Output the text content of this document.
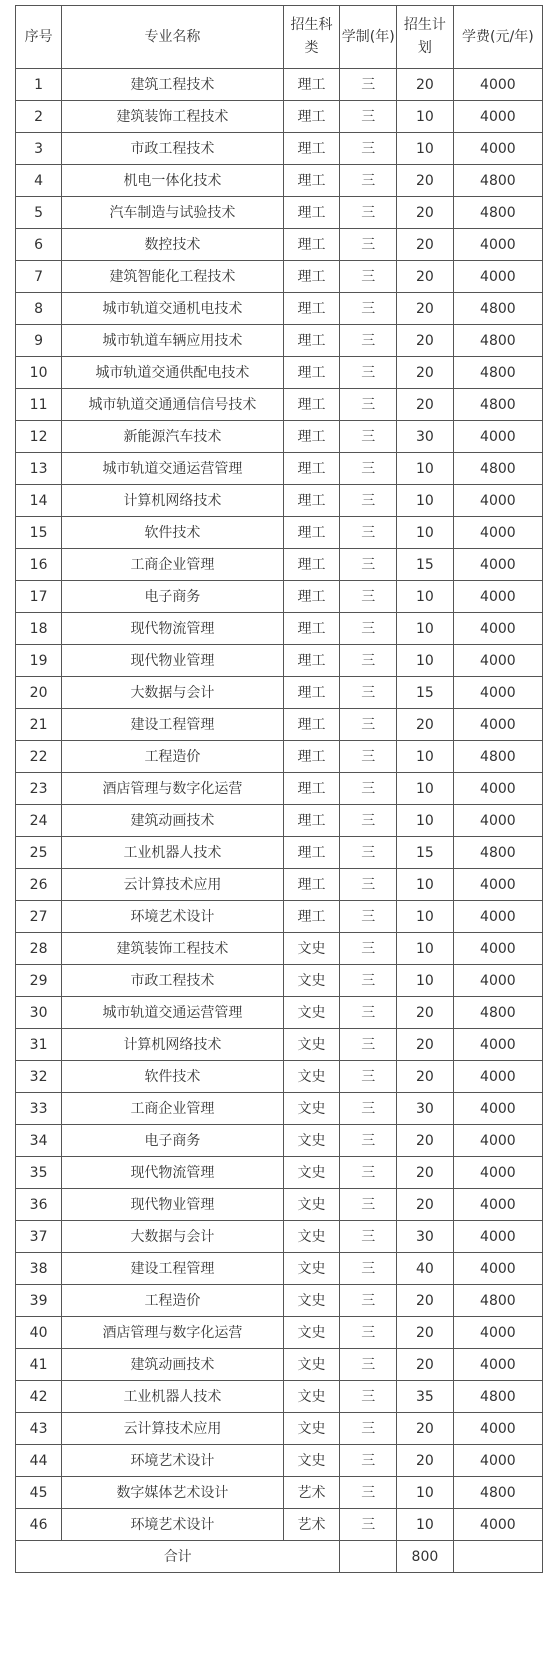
序号	专业名称	招生科类	学制(年)	招生计划	学费(元/年)
1	建筑工程技术	理工	三	20	4000
2	建筑装饰工程技术	理工	三	10	4000
3	市政工程技术	理工	三	10	4000
4	机电一体化技术	理工	三	20	4800
5	汽车制造与试验技术	理工	三	20	4800
6	数控技术	理工	三	20	4000
7	建筑智能化工程技术	理工	三	20	4000
8	城市轨道交通机电技术	理工	三	20	4800
9	城市轨道车辆应用技术	理工	三	20	4800
10	城市轨道交通供配电技术	理工	三	20	4800
11	城市轨道交通通信信号技术	理工	三	20	4800
12	新能源汽车技术	理工	三	30	4000
13	城市轨道交通运营管理	理工	三	10	4800
14	计算机网络技术	理工	三	10	4000
15	软件技术	理工	三	10	4000
16	工商企业管理	理工	三	15	4000
17	电子商务	理工	三	10	4000
18	现代物流管理	理工	三	10	4000
19	现代物业管理	理工	三	10	4000
20	大数据与会计	理工	三	15	4000
21	建设工程管理	理工	三	20	4000
22	工程造价	理工	三	10	4800
23	酒店管理与数字化运营	理工	三	10	4000
24	建筑动画技术	理工	三	10	4000
25	工业机器人技术	理工	三	15	4800
26	云计算技术应用	理工	三	10	4000
27	环境艺术设计	理工	三	10	4000
28	建筑装饰工程技术	文史	三	10	4000
29	市政工程技术	文史	三	10	4000
30	城市轨道交通运营管理	文史	三	20	4800
31	计算机网络技术	文史	三	20	4000
32	软件技术	文史	三	20	4000
33	工商企业管理	文史	三	30	4000
34	电子商务	文史	三	20	4000
35	现代物流管理	文史	三	20	4000
36	现代物业管理	文史	三	20	4000
37	大数据与会计	文史	三	30	4000
38	建设工程管理	文史	三	40	4000
39	工程造价	文史	三	20	4800
40	酒店管理与数字化运营	文史	三	20	4000
41	建筑动画技术	文史	三	20	4000
42	工业机器人技术	文史	三	35	4800
43	云计算技术应用	文史	三	20	4000
44	环境艺术设计	文史	三	20	4000
45	数字媒体艺术设计	艺术	三	10	4800
46	环境艺术设计	艺术	三	10	4000
合计				800	
